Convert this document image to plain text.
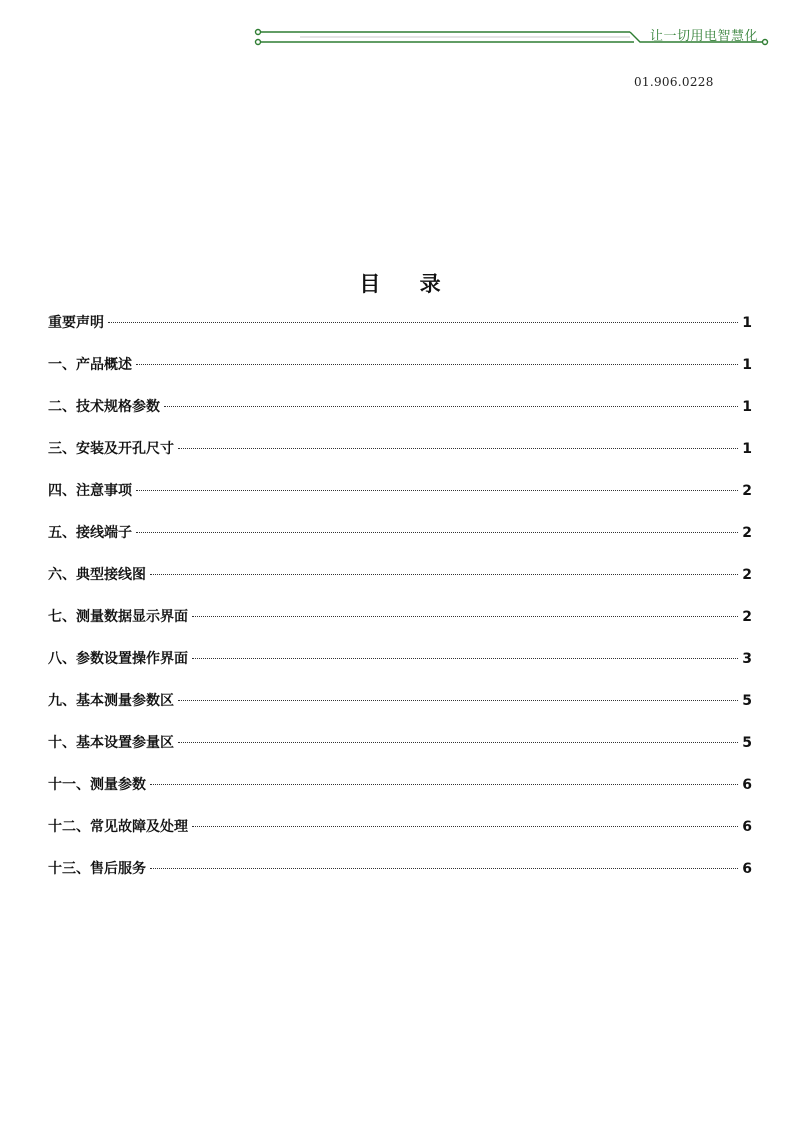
让一切用电智慧化
01.906.0228
目 录
重要声明	1
一、产品概述	1
二、技术规格参数	1
三、安装及开孔尺寸	1
四、注意事项	2
五、接线端子	2
六、典型接线图	2
七、测量数据显示界面	2
八、参数设置操作界面	3
九、基本测量参数区	5
十、基本设置参量区	5
十一、测量参数	6
十二、常见故障及处理	6
十三、售后服务	6
